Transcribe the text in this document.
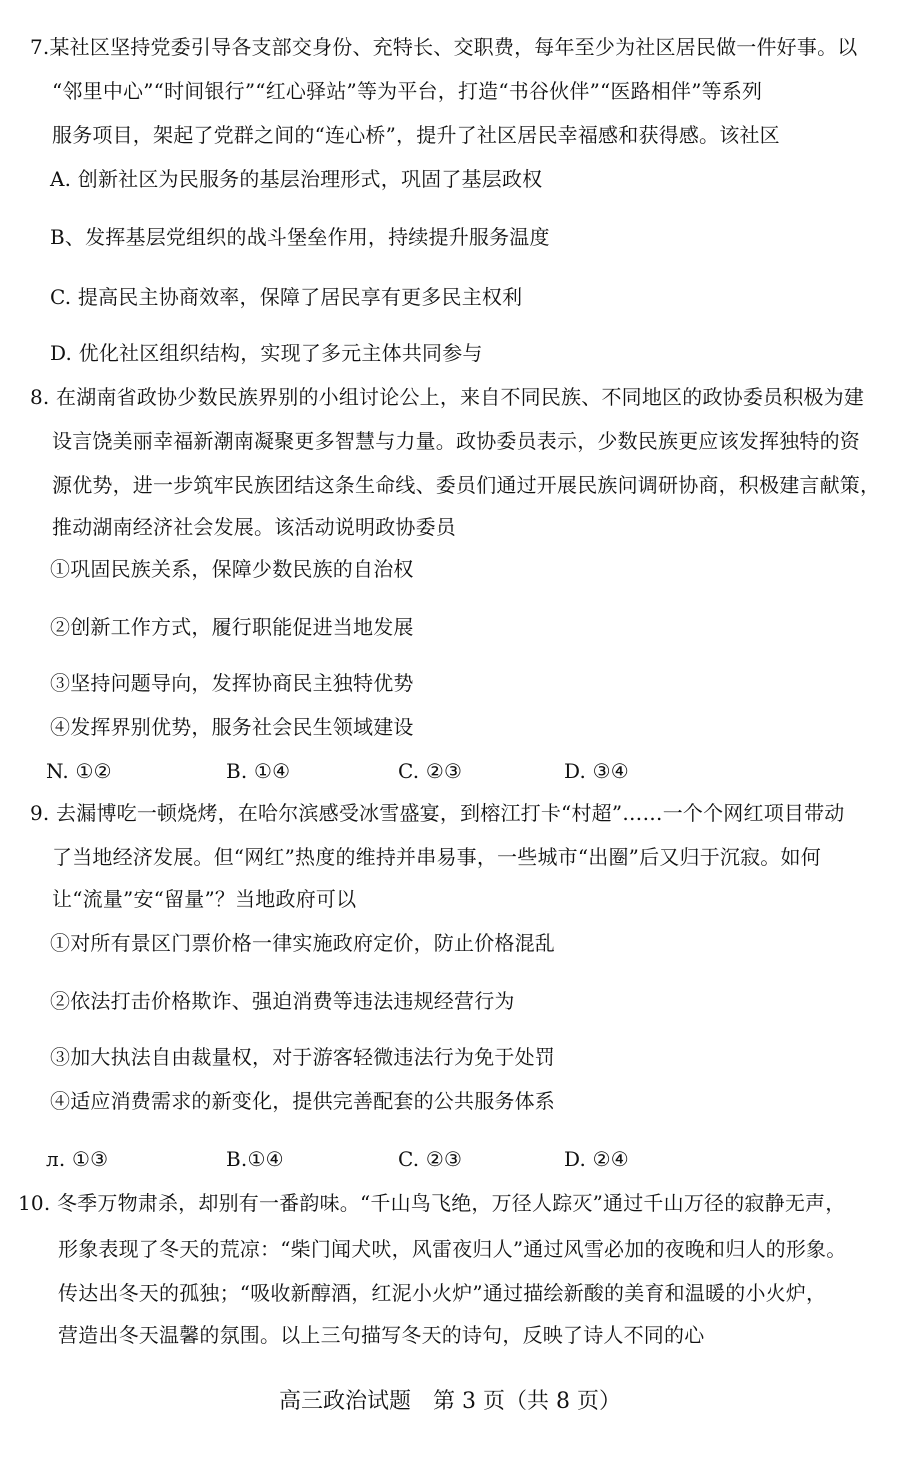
7.某社区坚持党委引导各支部交身份、充特长、交职费，每年至少为社区居民做一件好事。以
“邻里中心”“时间银行”“红心驿站”等为平台，打造“书谷伙伴”“医路相伴”等系列
服务项目，架起了党群之间的“连心桥”，提升了社区居民幸福感和获得感。该社区
A. 创新社区为民服务的基层治理形式，巩固了基层政权
B、发挥基层党组织的战斗堡垒作用，持续提升服务温度
C. 提高民主协商效率，保障了居民享有更多民主权利
D. 优化社区组织结构，实现了多元主体共同参与
8. 在湖南省政协少数民族界别的小组讨论公上，来自不同民族、不同地区的政协委员积极为建
设言饶美丽幸福新潮南凝聚更多智慧与力量。政协委员表示，少数民族更应该发挥独特的资
源优势，进一步筑牢民族团结这条生命线、委员们通过开展民族问调研协商，积极建言献策，
推动湖南经济社会发展。该活动说明政协委员
①巩固民族关系，保障少数民族的自治权
②创新工作方式，履行职能促进当地发展
③坚持问题导向，发挥协商民主独特优势
④发挥界别优势，服务社会民生领域建设
N. ①②	B. ①④	C. ②③	D. ③④
9. 去漏博吃一顿烧烤，在哈尔滨感受冰雪盛宴，到榕江打卡“村超”……一个个网红项目带动
了当地经济发展。但“网红”热度的维持并串易事，一些城市“出圈”后又归于沉寂。如何
让“流量”安“留量”？当地政府可以
①对所有景区门票价格一律实施政府定价，防止价格混乱
②依法打击价格欺诈、强迫消费等违法违规经营行为
③加大执法自由裁量权，对于游客轻微违法行为免于处罚
④适应消费需求的新变化，提供完善配套的公共服务体系
л. ①③	B.①④	C. ②③	D. ②④
10. 冬季万物肃杀，却别有一番韵味。“千山鸟飞绝，万径人踪灭”通过千山万径的寂静无声，
形象表现了冬天的荒凉：“柴门闻犬吠，风雷夜归人”通过风雪必加的夜晚和归人的形象。
传达出冬天的孤独；“吸收新醇酒，红泥小火炉”通过描绘新酸的美育和温暖的小火炉，
营造出冬天温馨的氛围。以上三句描写冬天的诗句，反映了诗人不同的心
高三政治试题　第 3 页（共 8 页）
